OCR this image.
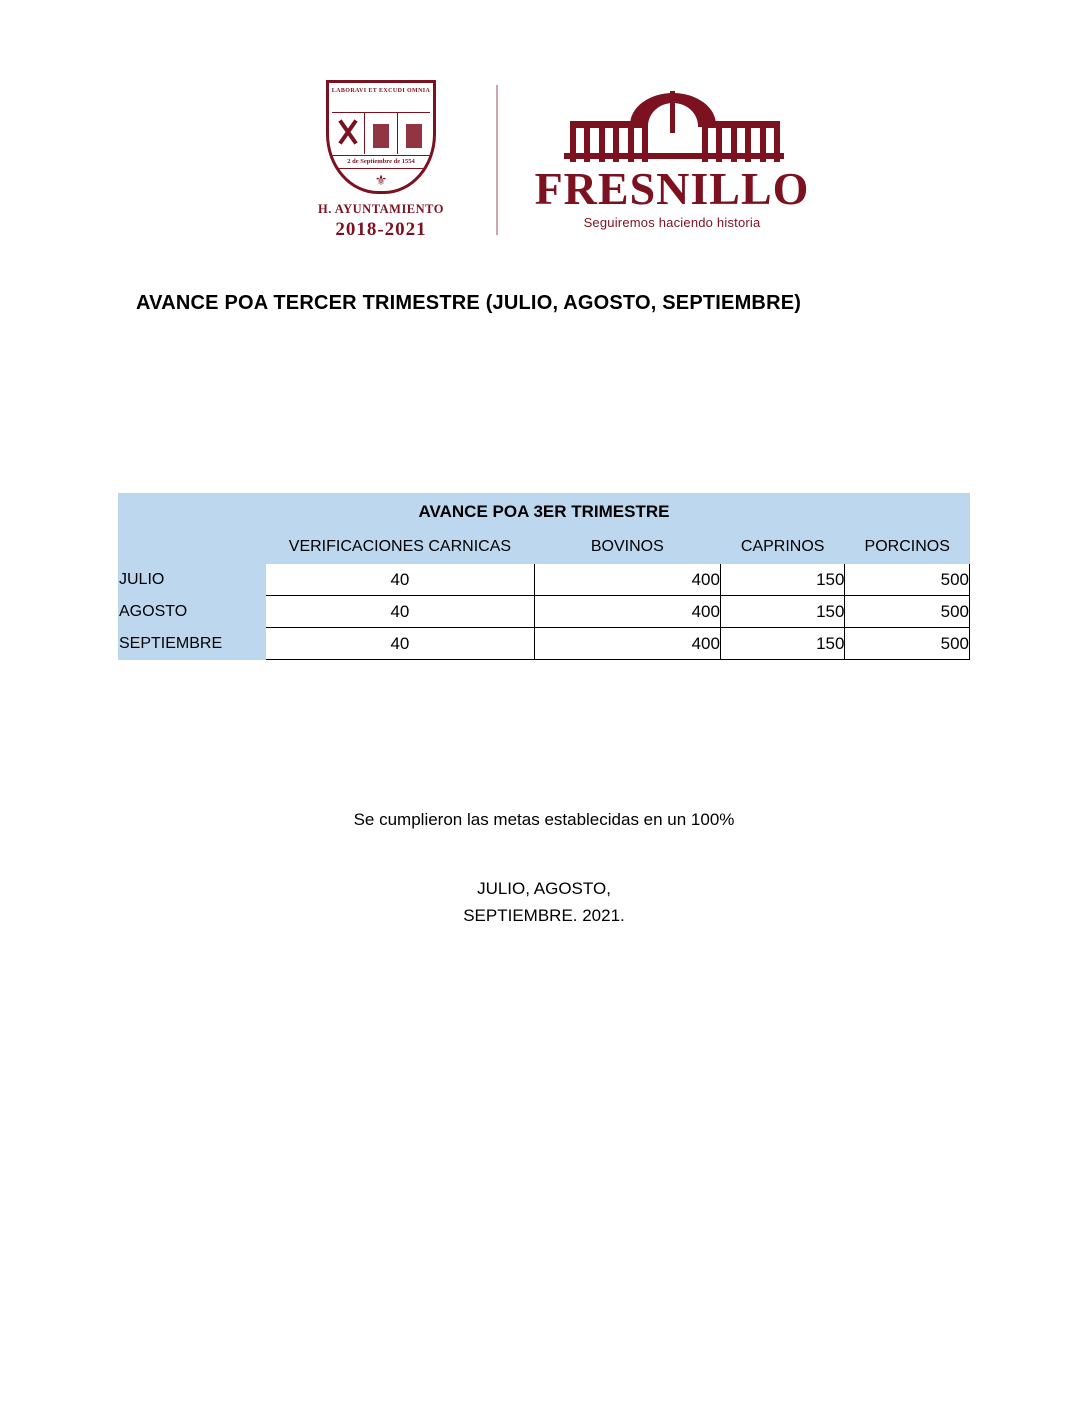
LABORAVI ET EXCUDI OMNIA
2 de Septiembre de 1554
⚜
H. AYUNTAMIENTO
2018-2021
FRESNILLO
Seguiremos haciendo historia
AVANCE POA TERCER TRIMESTRE (JULIO, AGOSTO, SEPTIEMBRE)
AVANCE POA 3ER TRIMESTRE				
	VERIFICACIONES CARNICAS	BOVINOS	CAPRINOS	PORCINOS
JULIO	40	400	150	500
AGOSTO	40	400	150	500
SEPTIEMBRE	40	400	150	500
Se cumplieron las metas establecidas en un 100%
JULIO, AGOSTO,
SEPTIEMBRE. 2021.
